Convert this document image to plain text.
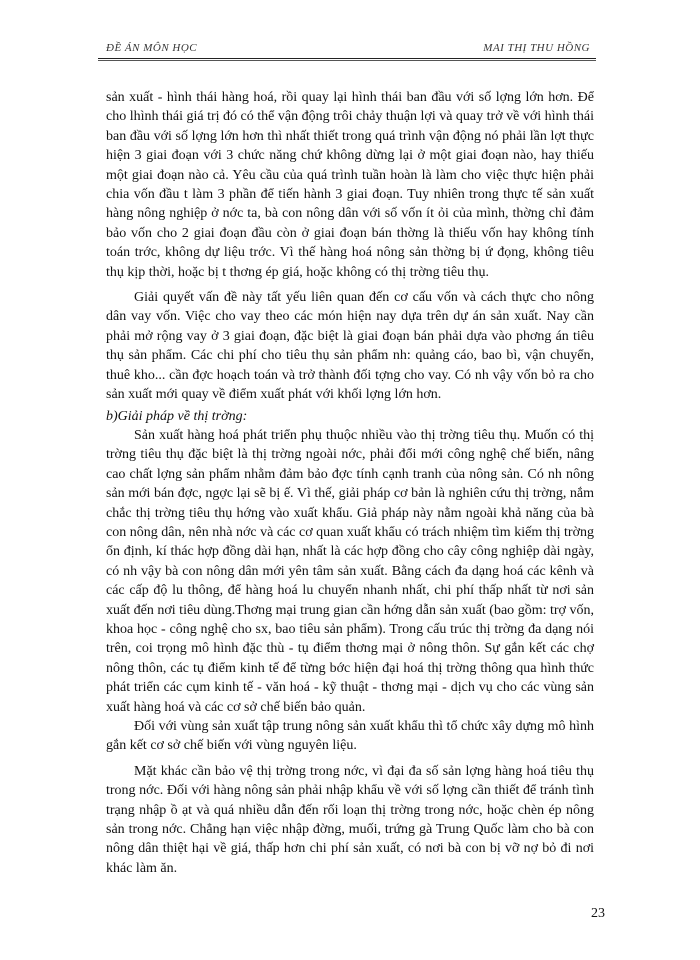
ĐỀ ÁN MÔN HỌC	MAI THỊ THU HỒNG

sản xuất - hình thái hàng hoá, rồi quay lại hình thái ban đầu với số lợng lớn hơn. Để cho lhình thái giá trị đó có thể vận động trôi chảy thuận lợi và quay trở về với hình thái ban đầu với số lợng lớn hơn thì nhất thiết trong quá trình vận động nó phải lần lợt thực hiện 3 giai đoạn với 3 chức năng chứ không dừng lại ở một giai đoạn nào, hay thiếu một giai đoạn nào cả. Yêu cầu của quá trình tuần hoàn là làm cho việc thực hiện phải chia vốn đầu t làm 3 phần để tiến hành 3 giai đoạn. Tuy nhiên trong thực tế sản xuất hàng nông nghiệp ở nớc ta, bà con nông dân với số vốn ít ỏi của mình, thờng chỉ đảm bảo vốn cho 2 giai đoạn đầu còn ở giai đoạn bán thờng là thiếu vốn hay không tính toán trớc, không dự liệu trớc. Vì thế hàng hoá nông sản thờng bị ứ đọng, không tiêu thụ kịp thời, hoặc bị t thơng ép giá, hoặc không có thị trờng tiêu thụ.

Giải quyết vấn đề này tất yếu liên quan đến cơ cấu vốn và cách thực cho nông dân vay vốn. Việc cho vay theo các món hiện nay dựa trên dự án sản xuất. Nay cần phải mở rộng vay ở 3 giai đoạn, đặc biệt là giai đoạn bán phải dựa vào phơng án tiêu thụ sản phẩm. Các chi phí cho tiêu thụ sản phẩm nh: quảng cáo, bao bì, vận chuyển, thuê kho... cần đợc hoạch toán và trở thành đối tợng cho vay. Có nh vậy vốn bỏ ra cho sản xuất mới quay về điểm xuất phát với khối lợng lớn hơn.

b)Giải pháp về thị trờng:

Sản xuất hàng hoá phát triển phụ thuộc nhiều vào thị trờng tiêu thụ. Muốn có thị trờng tiêu thụ đặc biệt là thị trờng ngoài nớc, phải đổi mới công nghệ chế biến, nâng cao chất lợng sản phẩm nhằm đảm bảo đợc tính cạnh tranh của nông sản. Có nh nông sản mới bán đợc, ngợc lại sẽ bị ế. Vì thế, giải pháp cơ bản là nghiên cứu thị trờng, nắm chắc thị trờng tiêu thụ hớng vào xuất khẩu. Giả pháp này nằm ngoài khả năng của bà con nông dân, nên nhà nớc và các cơ quan xuất khẩu có trách nhiệm tìm kiếm thị trờng ổn định, kí thác hợp đồng dài hạn, nhất là các hợp đồng cho cây công nghiệp dài ngày, có nh vậy bà con nông dân mới yên tâm sản xuất. Bằng cách đa dạng hoá các kênh và các cấp độ lu thông, để hàng hoá lu chuyển nhanh nhất, chi phí thấp nhất từ nơi sản xuất đến nơi tiêu dùng.Thơng mại trung gian cần hớng dẫn sản xuất (bao gồm: trợ vốn, khoa học - công nghệ cho sx, bao tiêu sản phẩm). Trong cấu trúc thị trờng đa dạng nói trên, coi trọng mô hình đặc thù - tụ điểm thơng mại ở nông thôn. Sự gắn kết các chợ nông thôn, các tụ điểm kinh tế để từng bớc hiện đại hoá thị trờng thông qua hình thức phát triển các cụm kinh tế - văn hoá - kỹ thuật - thơng mại - dịch vụ cho các vùng sản xuất hàng hoá và các cơ sở chế biến bảo quản.

Đối với vùng sản xuất tập trung nông sản xuất khẩu thì tổ chức xây dựng mô hình gắn kết cơ sở chế biến với vùng nguyên liệu.

Mặt khác cần bảo vệ thị trờng trong nớc, vì đại đa số sản lợng hàng hoá tiêu thụ trong nớc. Đối với hàng nông sản phải nhập khẩu về với số lợng cần thiết để tránh tình trạng nhập ồ ạt và quá nhiều dẫn đến rối loạn thị trờng trong nớc, hoặc chèn ép nông sản trong nớc. Chẳng hạn việc nhập đờng, muối, trứng gà Trung Quốc làm cho bà con nông dân thiệt hại về giá, thấp hơn chi phí sản xuất, có nơi bà con bị vỡ nợ bỏ đi nơi khác làm ăn.

23
